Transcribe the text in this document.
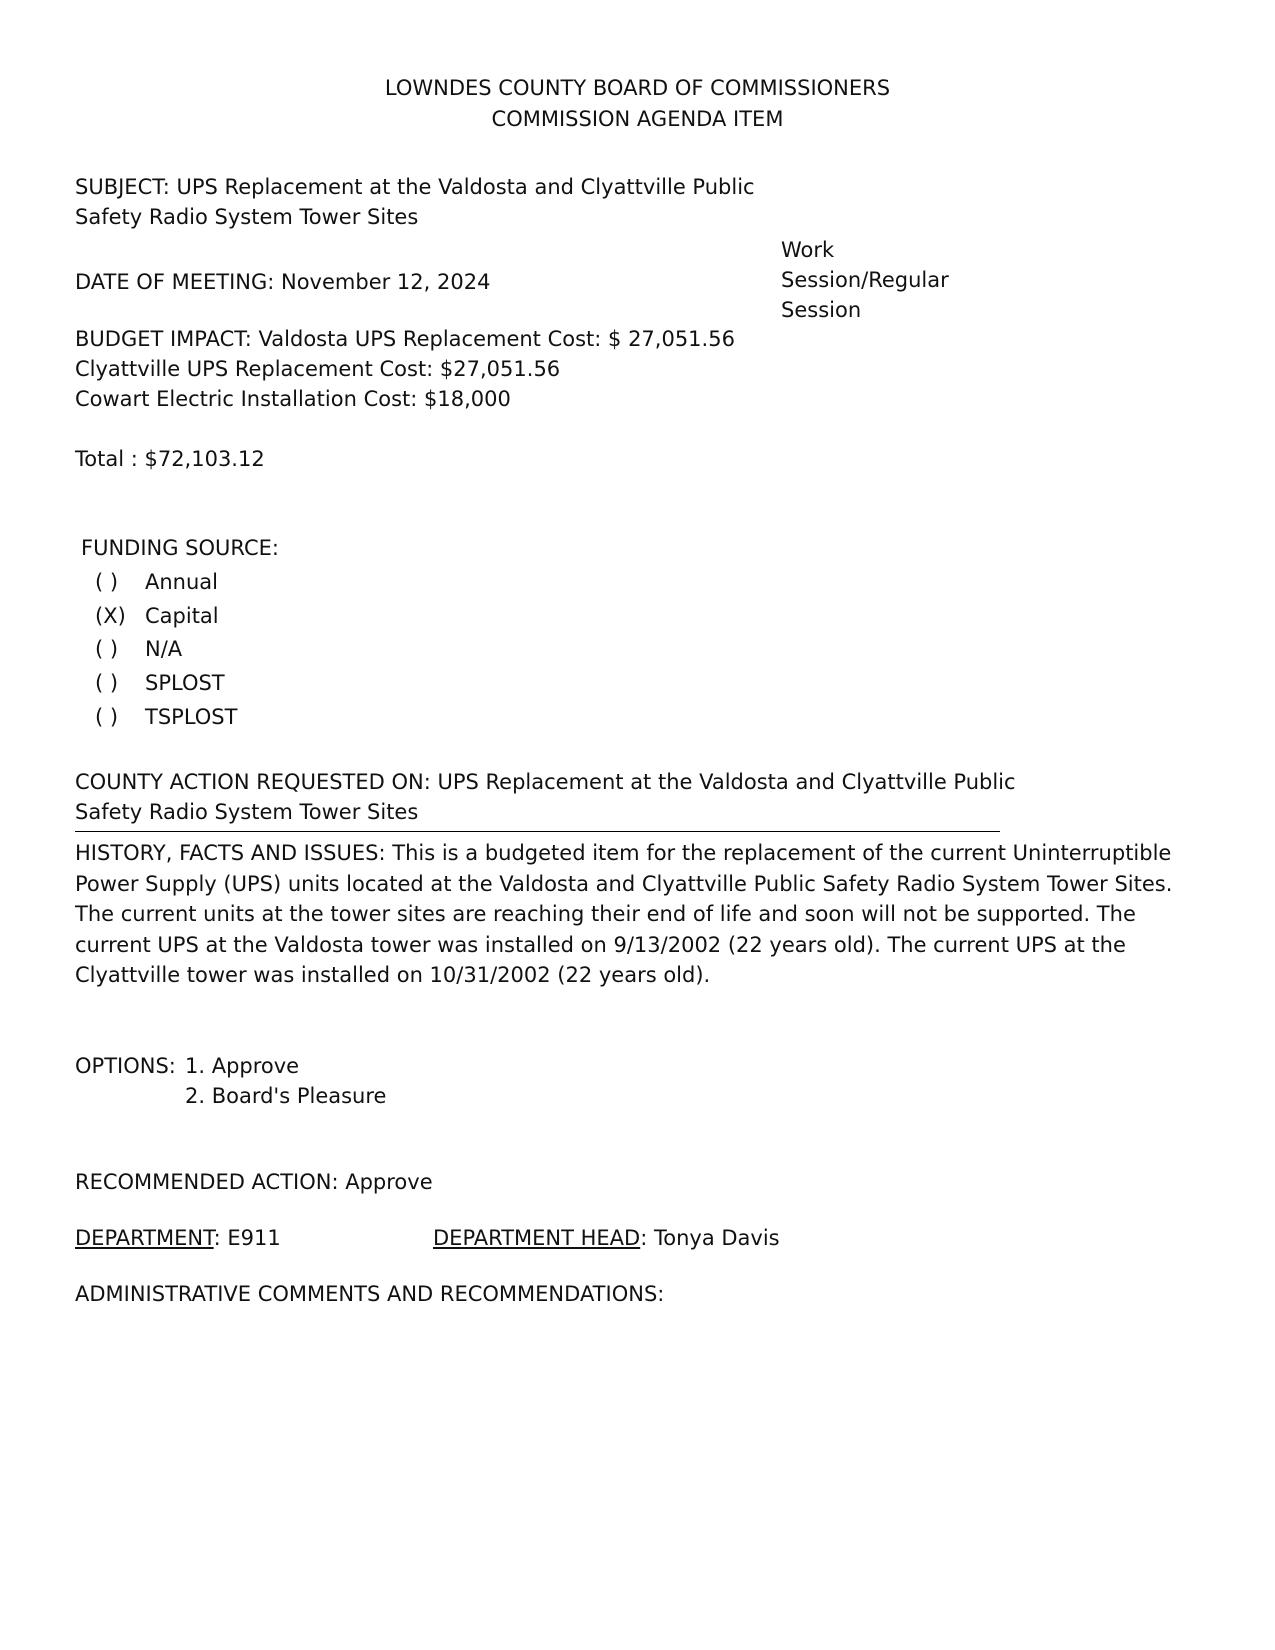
LOWNDES COUNTY BOARD OF COMMISSIONERS
COMMISSION AGENDA ITEM
SUBJECT: UPS Replacement at the Valdosta and Clyattville Public
Safety Radio System Tower Sites
Work
Session/Regular
Session
DATE OF MEETING: November 12, 2024
BUDGET IMPACT: Valdosta UPS Replacement Cost: $ 27,051.56
Clyattville UPS Replacement Cost: $27,051.56
Cowart Electric Installation Cost: $18,000
Total : $72,103.12
FUNDING SOURCE:
( ) Annual
(X) Capital
( ) N/A
( ) SPLOST
( ) TSPLOST
COUNTY ACTION REQUESTED ON: UPS Replacement at the Valdosta and Clyattville Public
Safety Radio System Tower Sites
HISTORY, FACTS AND ISSUES: This is a budgeted item for the replacement of the current Uninterruptible Power Supply (UPS) units located at the Valdosta and Clyattville Public Safety Radio System Tower Sites. The current units at the tower sites are reaching their end of life and soon will not be supported. The current UPS at the Valdosta tower was installed on 9/13/2002 (22 years old). The current UPS at the Clyattville tower was installed on 10/31/2002 (22 years old).
OPTIONS: 1. Approve
2. Board's Pleasure
RECOMMENDED ACTION: Approve
DEPARTMENT: E911	DEPARTMENT HEAD: Tonya Davis
ADMINISTRATIVE COMMENTS AND RECOMMENDATIONS:
